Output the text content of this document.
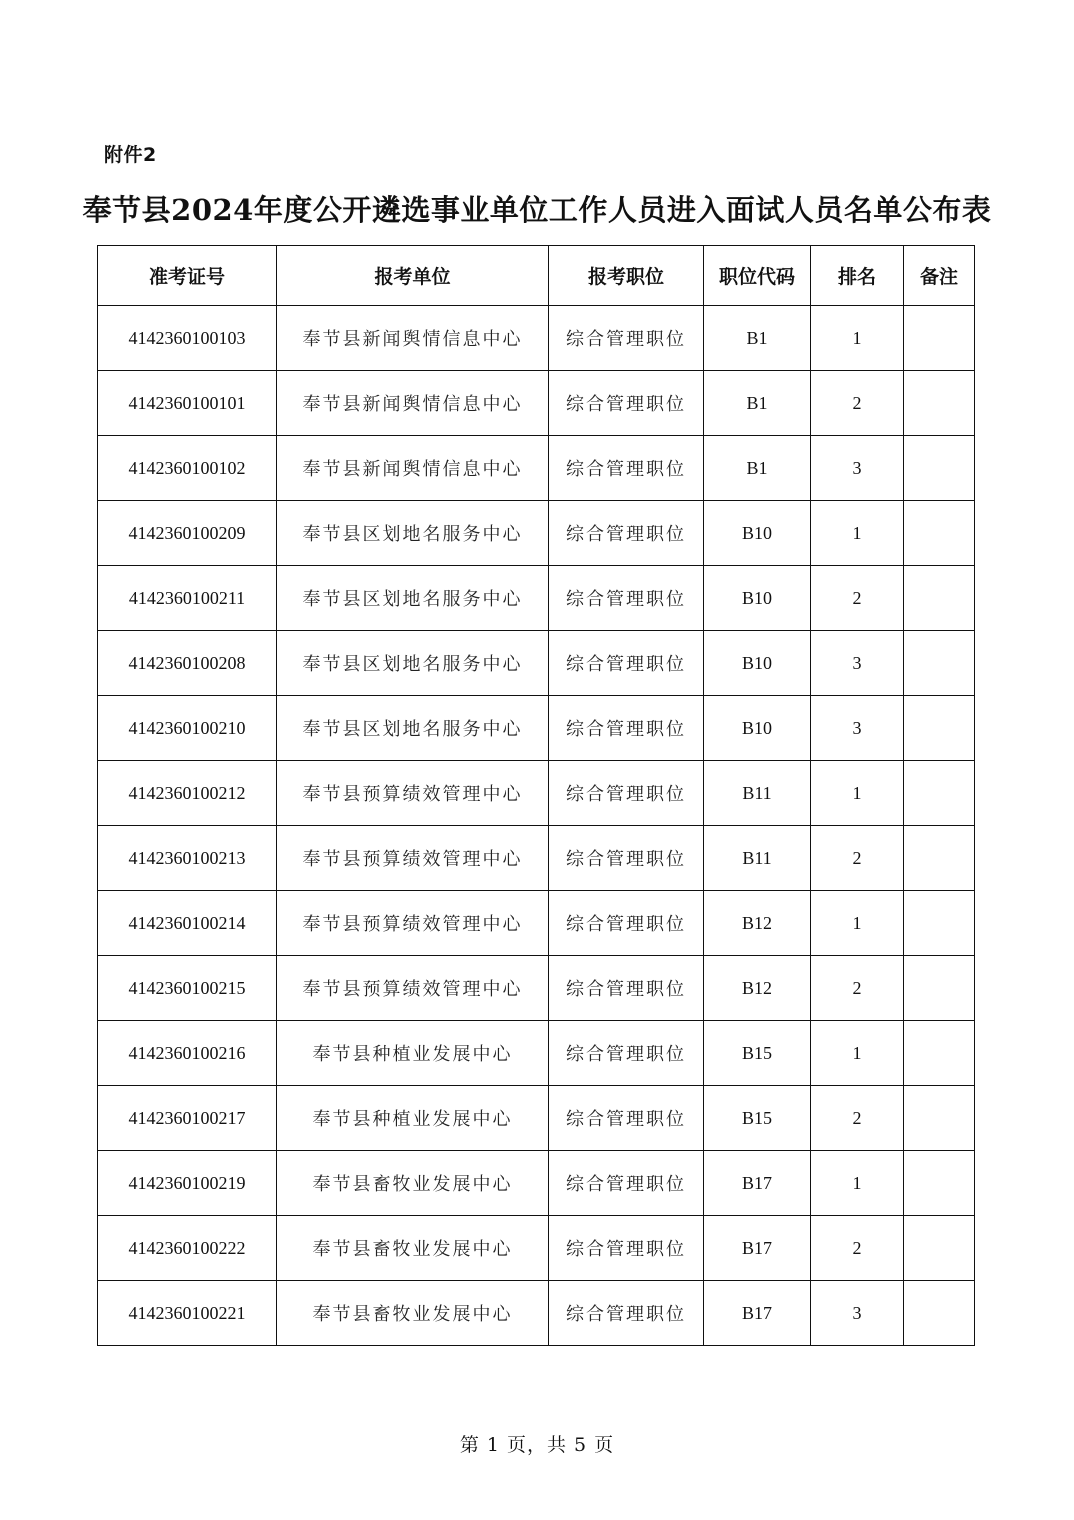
附件2
奉节县2024年度公开遴选事业单位工作人员进入面试人员名单公布表
准考证号	报考单位	报考职位	职位代码	排名	备注
4142360100103	奉节县新闻舆情信息中心	综合管理职位	B1	1	
4142360100101	奉节县新闻舆情信息中心	综合管理职位	B1	2	
4142360100102	奉节县新闻舆情信息中心	综合管理职位	B1	3	
4142360100209	奉节县区划地名服务中心	综合管理职位	B10	1	
4142360100211	奉节县区划地名服务中心	综合管理职位	B10	2	
4142360100208	奉节县区划地名服务中心	综合管理职位	B10	3	
4142360100210	奉节县区划地名服务中心	综合管理职位	B10	3	
4142360100212	奉节县预算绩效管理中心	综合管理职位	B11	1	
4142360100213	奉节县预算绩效管理中心	综合管理职位	B11	2	
4142360100214	奉节县预算绩效管理中心	综合管理职位	B12	1	
4142360100215	奉节县预算绩效管理中心	综合管理职位	B12	2	
4142360100216	奉节县种植业发展中心	综合管理职位	B15	1	
4142360100217	奉节县种植业发展中心	综合管理职位	B15	2	
4142360100219	奉节县畜牧业发展中心	综合管理职位	B17	1	
4142360100222	奉节县畜牧业发展中心	综合管理职位	B17	2	
4142360100221	奉节县畜牧业发展中心	综合管理职位	B17	3	
第 1 页，共 5 页
